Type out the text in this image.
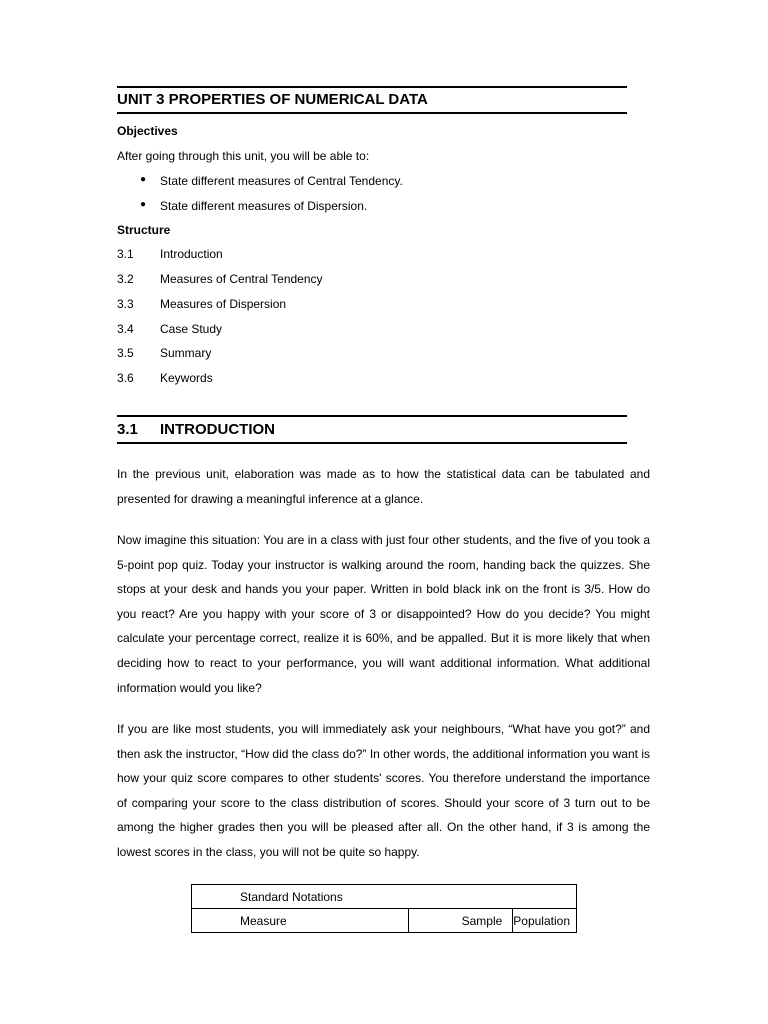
UNIT 3 PROPERTIES OF NUMERICAL DATA
Objectives
After going through this unit, you will be able to:
● State different measures of Central Tendency.
● State different measures of Dispersion.
Structure
3.1 Introduction
3.2 Measures of Central Tendency
3.3 Measures of Dispersion
3.4 Case Study
3.5 Summary
3.6 Keywords
3.1	INTRODUCTION
In the previous unit, elaboration was made as to how the statistical data can be tabulated and presented for drawing a meaningful inference at a glance.
Now imagine this situation: You are in a class with just four other students, and the five of you took a 5-point pop quiz. Today your instructor is walking around the room, handing back the quizzes. She stops at your desk and hands you your paper. Written in bold black ink on the front is 3/5. How do you react? Are you happy with your score of 3 or disappointed? How do you decide? You might calculate your percentage correct, realize it is 60%, and be appalled. But it is more likely that when deciding how to react to your performance, you will want additional information. What additional information would you like?
If you are like most students, you will immediately ask your neighbours, “What have you got?” and then ask the instructor, “How did the class do?” In other words, the additional information you want is how your quiz score compares to other students' scores. You therefore understand the importance of comparing your score to the class distribution of scores. Should your score of 3 turn out to be among the higher grades then you will be pleased after all. On the other hand, if 3 is among the lowest scores in the class, you will not be quite so happy.
Standard Notations
Measure	Sample	Population
